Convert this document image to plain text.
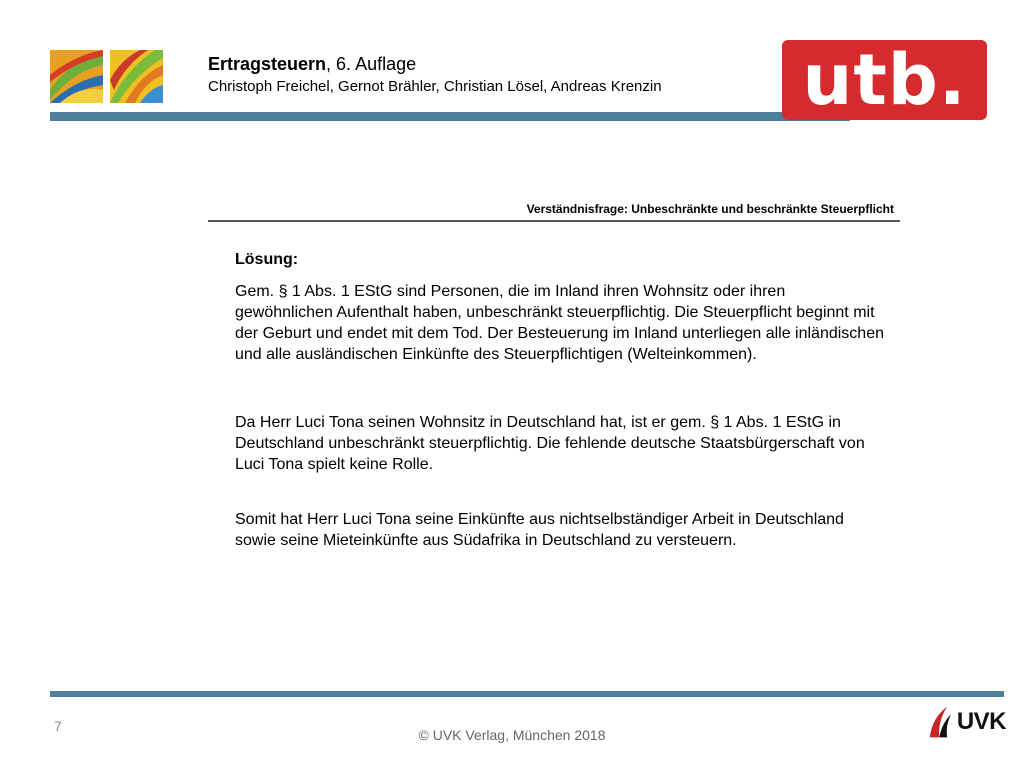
Ertragsteuern, 6. Auflage
Christoph Freichel, Gernot Brähler, Christian Lösel, Andreas Krenzin utb.
Verständnisfrage: Unbeschränkte und beschränkte Steuerpflicht
Lösung:
Gem. § 1 Abs. 1 EStG sind Personen, die im Inland ihren Wohnsitz oder ihren gewöhnlichen Aufenthalt haben, unbeschränkt steuerpflichtig. Die Steuerpflicht beginnt mit der Geburt und endet mit dem Tod. Der Besteuerung im Inland unterliegen alle inländischen und alle ausländischen Einkünfte des Steuerpflichtigen (Welteinkommen).
Da Herr Luci Tona seinen Wohnsitz in Deutschland hat, ist er gem. § 1 Abs. 1 EStG in Deutschland unbeschränkt steuerpflichtig. Die fehlende deutsche Staatsbürgerschaft von Luci Tona spielt keine Rolle.
Somit hat Herr Luci Tona seine Einkünfte aus nichtselbständiger Arbeit in Deutschland sowie seine Mieteinkünfte aus Südafrika in Deutschland zu versteuern.
7
© UVK Verlag, München 2018	UVK
